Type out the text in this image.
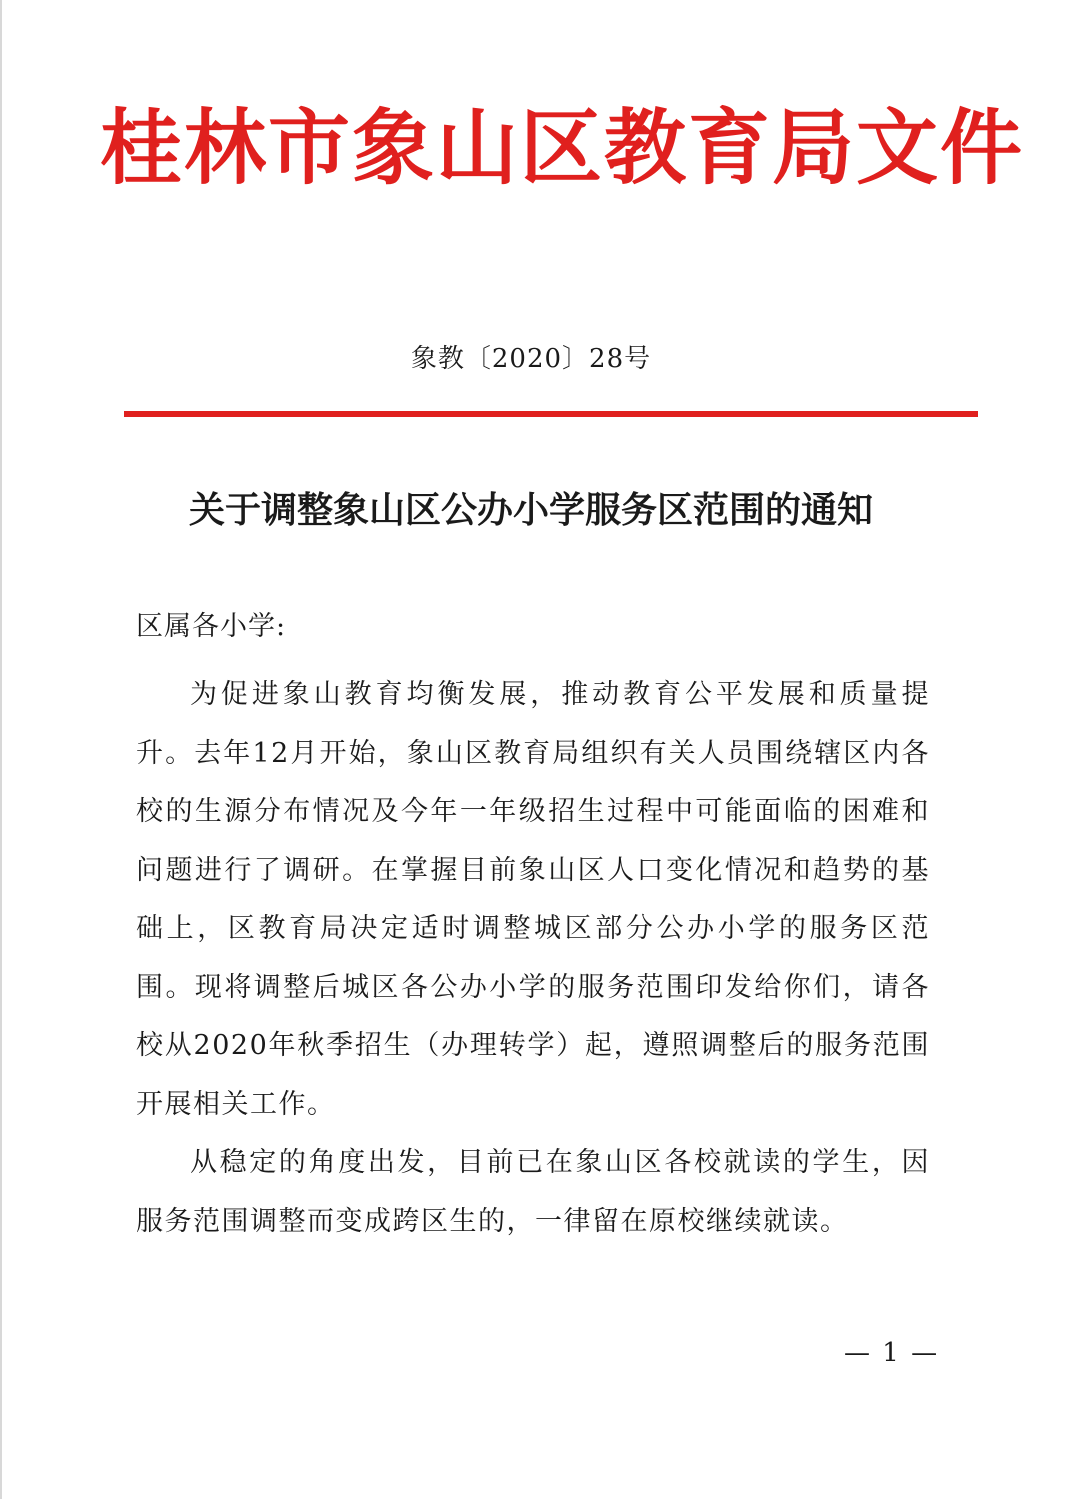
桂林市象山区教育局文件
象教〔2020〕28号
关于调整象山区公办小学服务区范围的通知
区属各小学:

为促进象山教育均衡发展，推动教育公平发展和质量提升。去年12月开始，象山区教育局组织有关人员围绕辖区内各校的生源分布情况及今年一年级招生过程中可能面临的困难和问题进行了调研。在掌握目前象山区人口变化情况和趋势的基础上，区教育局决定适时调整城区部分公办小学的服务区范围。现将调整后城区各公办小学的服务范围印发给你们，请各校从2020年秋季招生（办理转学）起，遵照调整后的服务范围开展相关工作。

从稳定的角度出发，目前已在象山区各校就读的学生，因服务范围调整而变成跨区生的，一律留在原校继续就读。

— 1 —
